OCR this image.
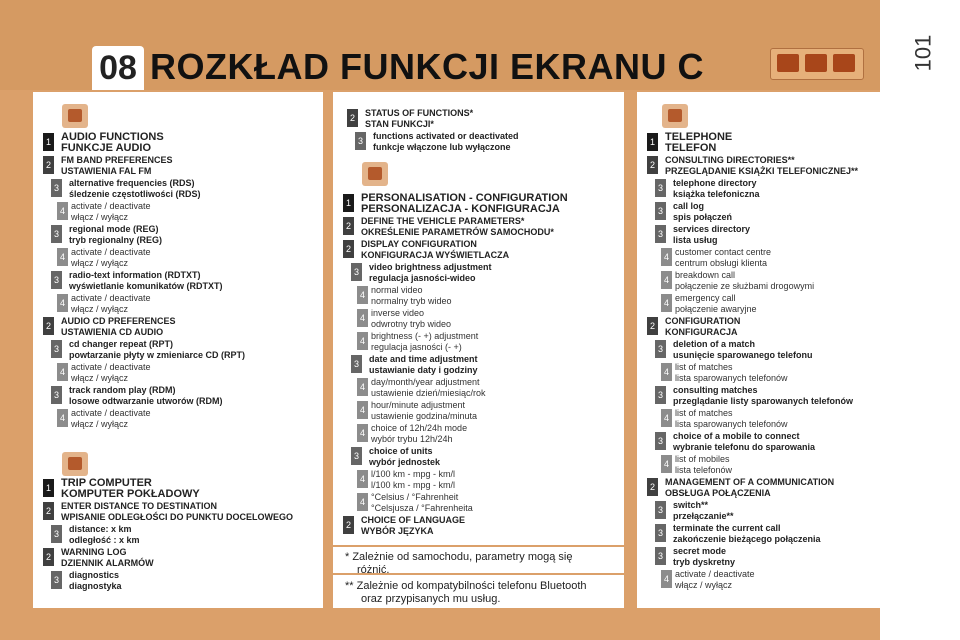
101
08 ROZKŁAD FUNKCJI EKRANU C
* Zależnie od samochodu, parametry mogą się
różnić.
** Zależnie od kompatybilności telefonu Bluetooth
oraz przypisanych mu usług.
1 AUDIO FUNCTIONS
FUNKCJE AUDIO
2	FM BAND PREFERENCES
USTAWIENIA FAL FM
3	alternative frequencies (RDS)
śledzenie częstotliwości (RDS)
4 activate / deactivate
włącz / wyłącz
3	regional mode (REG)
tryb regionalny (REG)
4 activate / deactivate
włącz / wyłącz
3	radio-text information (RDTXT)
wyświetlanie komunikatów (RDTXT)
4 activate / deactivate
włącz / wyłącz
2	AUDIO CD PREFERENCES
USTAWIENIA CD AUDIO
3	cd changer repeat (RPT)
powtarzanie płyty w zmieniarce CD (RPT)
4 activate / deactivate
włącz / wyłącz
3	track random play (RDM)
losowe odtwarzanie utworów (RDM)
4 activate / deactivate
włącz / wyłącz
1 TRIP COMPUTER
KOMPUTER POKŁADOWY
2	ENTER DISTANCE TO DESTINATION
WPISANIE ODLEGŁOŚCI DO PUNKTU DOCELOWEGO
3	distance: x km
odległość : x km
2	WARNING LOG
DZIENNIK ALARMÓW
3	diagnostics
diagnostyka
2	STATUS OF FUNCTIONS*
STAN FUNKCJI*
3	functions activated or deactivated
funkcje włączone lub wyłączone
1 PERSONALISATION - CONFIGURATION
PERSONALIZACJA - KONFIGURACJA
2	DEFINE THE VEHICLE PARAMETERS*
OKREŚLENIE PARAMETRÓW SAMOCHODU*
2	DISPLAY CONFIGURATION
KONFIGURACJA WYŚWIETLACZA
3	video brightness adjustment
regulacja jasności-wideo
4 normal video
normalny tryb wideo
4 inverse video
odwrotny tryb wideo
4 brightness (- +) adjustment
regulacja jasności (- +)
3	date and time adjustment
ustawianie daty i godziny
4 day/month/year adjustment
ustawienie dzień/miesiąc/rok
4 hour/minute adjustment
ustawienie godzina/minuta
4 choice of 12h/24h mode
wybór trybu 12h/24h
3	choice of units
wybór jednostek
4 l/100 km - mpg - km/l
l/100 km - mpg - km/l
4 °Celsius / °Fahrenheit
°Celsjusza / °Fahrenheita
2	CHOICE OF LANGUAGE
WYBÓR JĘZYKA
1 TELEPHONE
TELEFON
2	CONSULTING DIRECTORIES**
PRZEGLĄDANIE KSIĄŻKI TELEFONICZNEJ**
3	telephone directory
książka telefoniczna
3	call log
spis połączeń
3	services directory
lista usług
4 customer contact centre
centrum obsługi klienta
4 breakdown call
połączenie ze służbami drogowymi
4 emergency call
połączenie awaryjne
2	CONFIGURATION
KONFIGURACJA
3	deletion of a match
usunięcie sparowanego telefonu
4 list of matches
lista sparowanych telefonów
3	consulting matches
przeglądanie listy sparowanych telefonów
4 list of matches
lista sparowanych telefonów
3	choice of a mobile to connect
wybranie telefonu do sparowania
4 list of mobiles
lista telefonów
2	MANAGEMENT OF A COMMUNICATION
OBSŁUGA POŁĄCZENIA
3	switch**
przełączanie**
3	terminate the current call
zakończenie bieżącego połączenia
3	secret mode
tryb dyskretny
4 activate / deactivate
włącz / wyłącz
